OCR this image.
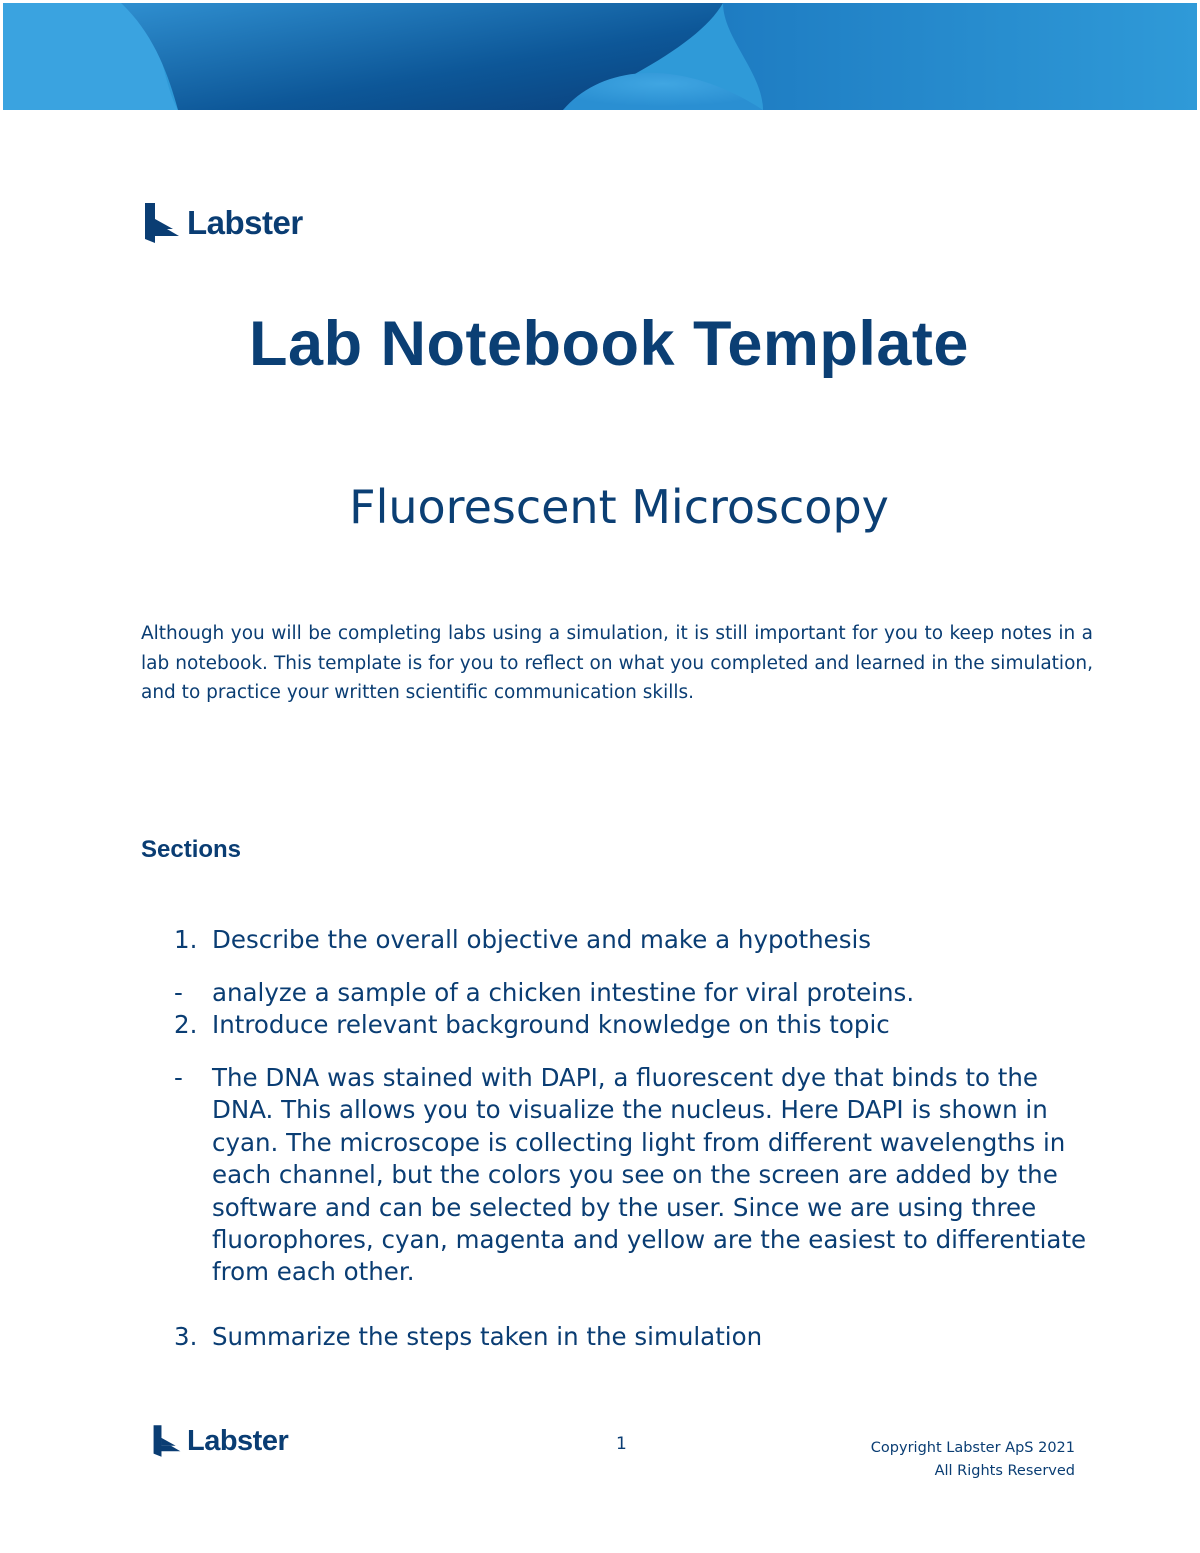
Labster
Lab Notebook Template
Fluorescent Microscopy

Although you will be completing labs using a simulation, it is still important for you to keep notes in a lab notebook. This template is for you to reflect on what you completed and learned in the simulation, and to practice your written scientific communication skills.

Sections
1. Describe the overall objective and make a hypothesis
-	analyze a sample of a chicken intestine for viral proteins.
2. Introduce relevant background knowledge on this topic
-	The DNA was stained with DAPI, a fluorescent dye that binds to the DNA. This allows you to visualize the nucleus. Here DAPI is shown in cyan. The microscope is collecting light from different wavelengths in each channel, but the colors you see on the screen are added by the software and can be selected by the user. Since we are using three fluorophores, cyan, magenta and yellow are the easiest to differentiate from each other.
3. Summarize the steps taken in the simulation
Labster	1	Copyright Labster ApS 2021
All Rights Reserved
